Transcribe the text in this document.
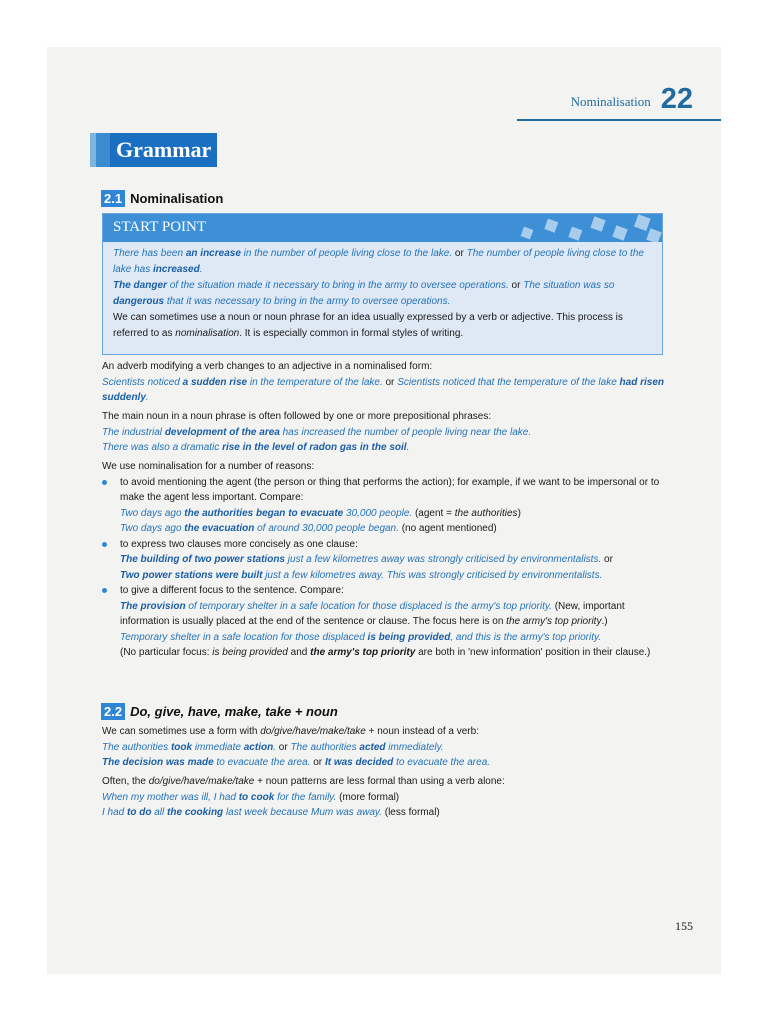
Nominalisation 22
Grammar
2.1 Nominalisation
START POINT
There has been an increase in the number of people living close to the lake. or The number of people living close to the lake has increased.
The danger of the situation made it necessary to bring in the army to oversee operations. or The situation was so dangerous that it was necessary to bring in the army to oversee operations.
We can sometimes use a noun or noun phrase for an idea usually expressed by a verb or adjective. This process is referred to as nominalisation. It is especially common in formal styles of writing.
An adverb modifying a verb changes to an adjective in a nominalised form:
Scientists noticed a sudden rise in the temperature of the lake. or Scientists noticed that the temperature of the lake had risen suddenly.
The main noun in a noun phrase is often followed by one or more prepositional phrases:
The industrial development of the area has increased the number of people living near the lake.
There was also a dramatic rise in the level of radon gas in the soil.
We use nominalisation for a number of reasons:
to avoid mentioning the agent (the person or thing that performs the action); for example, if we want to be impersonal or to make the agent less important. Compare:
Two days ago the authorities began to evacuate 30,000 people. (agent = the authorities)
Two days ago the evacuation of around 30,000 people began. (no agent mentioned)
to express two clauses more concisely as one clause:
The building of two power stations just a few kilometres away was strongly criticised by environmentalists. or
Two power stations were built just a few kilometres away. This was strongly criticised by environmentalists.
to give a different focus to the sentence. Compare:
The provision of temporary shelter in a safe location for those displaced is the army's top priority. (New, important information is usually placed at the end of the sentence or clause. The focus here is on the army's top priority.)
Temporary shelter in a safe location for those displaced is being provided, and this is the army's top priority.
(No particular focus: is being provided and the army's top priority are both in 'new information' position in their clause.)
2.2 Do, give, have, make, take + noun
We can sometimes use a form with do/give/have/make/take + noun instead of a verb:
The authorities took immediate action. or The authorities acted immediately.
The decision was made to evacuate the area. or It was decided to evacuate the area.
Often, the do/give/have/make/take + noun patterns are less formal than using a verb alone:
When my mother was ill, I had to cook for the family. (more formal)
I had to do all the cooking last week because Mum was away. (less formal)
155
